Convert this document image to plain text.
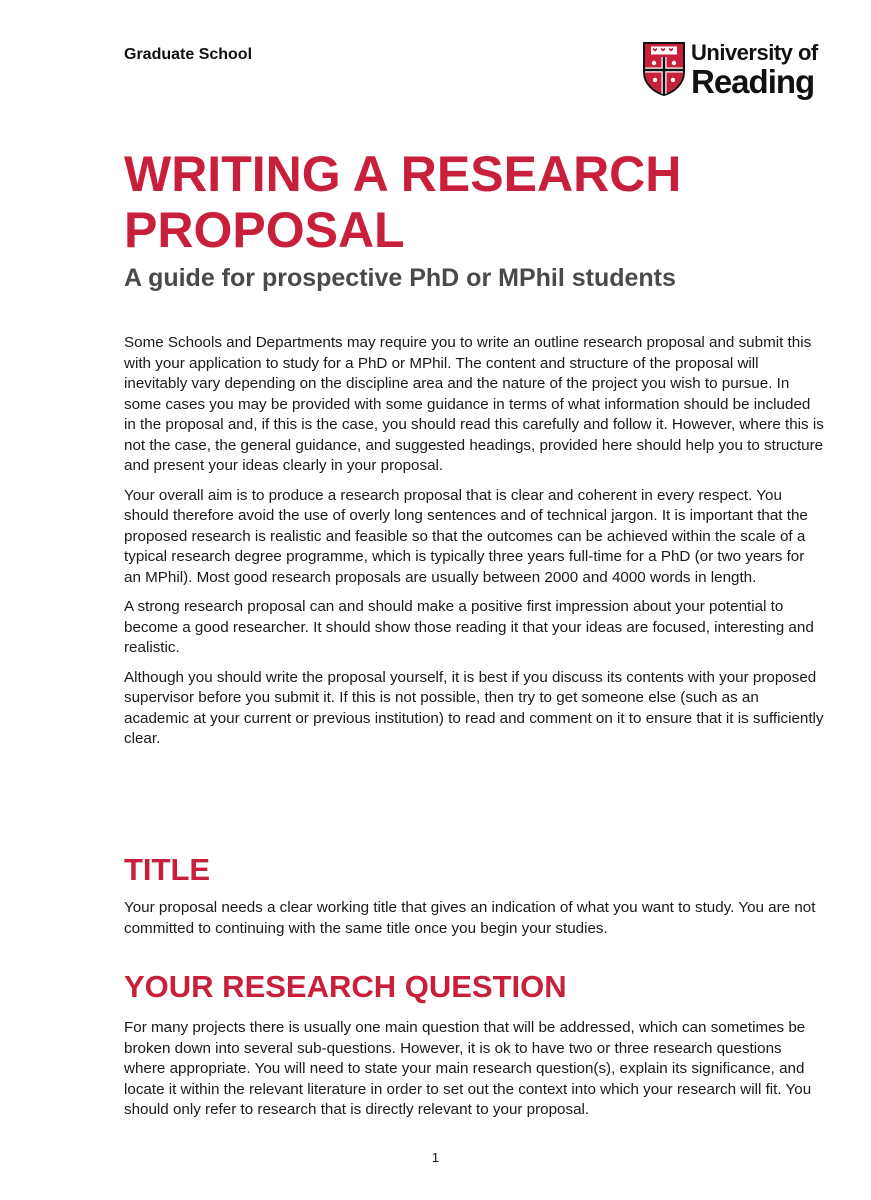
Graduate School	University of
Reading
WRITING A RESEARCH PROPOSAL
A guide for prospective PhD or MPhil students

Some Schools and Departments may require you to write an outline research proposal and submit this with your application to study for a PhD or MPhil. The content and structure of the proposal will inevitably vary depending on the discipline area and the nature of the project you wish to pursue. In some cases you may be provided with some guidance in terms of what information should be included in the proposal and, if this is the case, you should read this carefully and follow it. However, where this is not the case, the general guidance, and suggested headings, provided here should help you to structure and present your ideas clearly in your proposal.

Your overall aim is to produce a research proposal that is clear and coherent in every respect. You should therefore avoid the use of overly long sentences and of technical jargon. It is important that the proposed research is realistic and feasible so that the outcomes can be achieved within the scale of a typical research degree programme, which is typically three years full-time for a PhD (or two years for an MPhil). Most good research proposals are usually between 2000 and 4000 words in length.

A strong research proposal can and should make a positive first impression about your potential to become a good researcher. It should show those reading it that your ideas are focused, interesting and realistic.

Although you should write the proposal yourself, it is best if you discuss its contents with your proposed supervisor before you submit it. If this is not possible, then try to get someone else (such as an academic at your current or previous institution) to read and comment on it to ensure that it is sufficiently clear.

TITLE

Your proposal needs a clear working title that gives an indication of what you want to study. You are not committed to continuing with the same title once you begin your studies.

YOUR RESEARCH QUESTION

For many projects there is usually one main question that will be addressed, which can sometimes be broken down into several sub-questions. However, it is ok to have two or three research questions where appropriate. You will need to state your main research question(s), explain its significance, and locate it within the relevant literature in order to set out the context into which your research will fit. You should only refer to research that is directly relevant to your proposal.

1
